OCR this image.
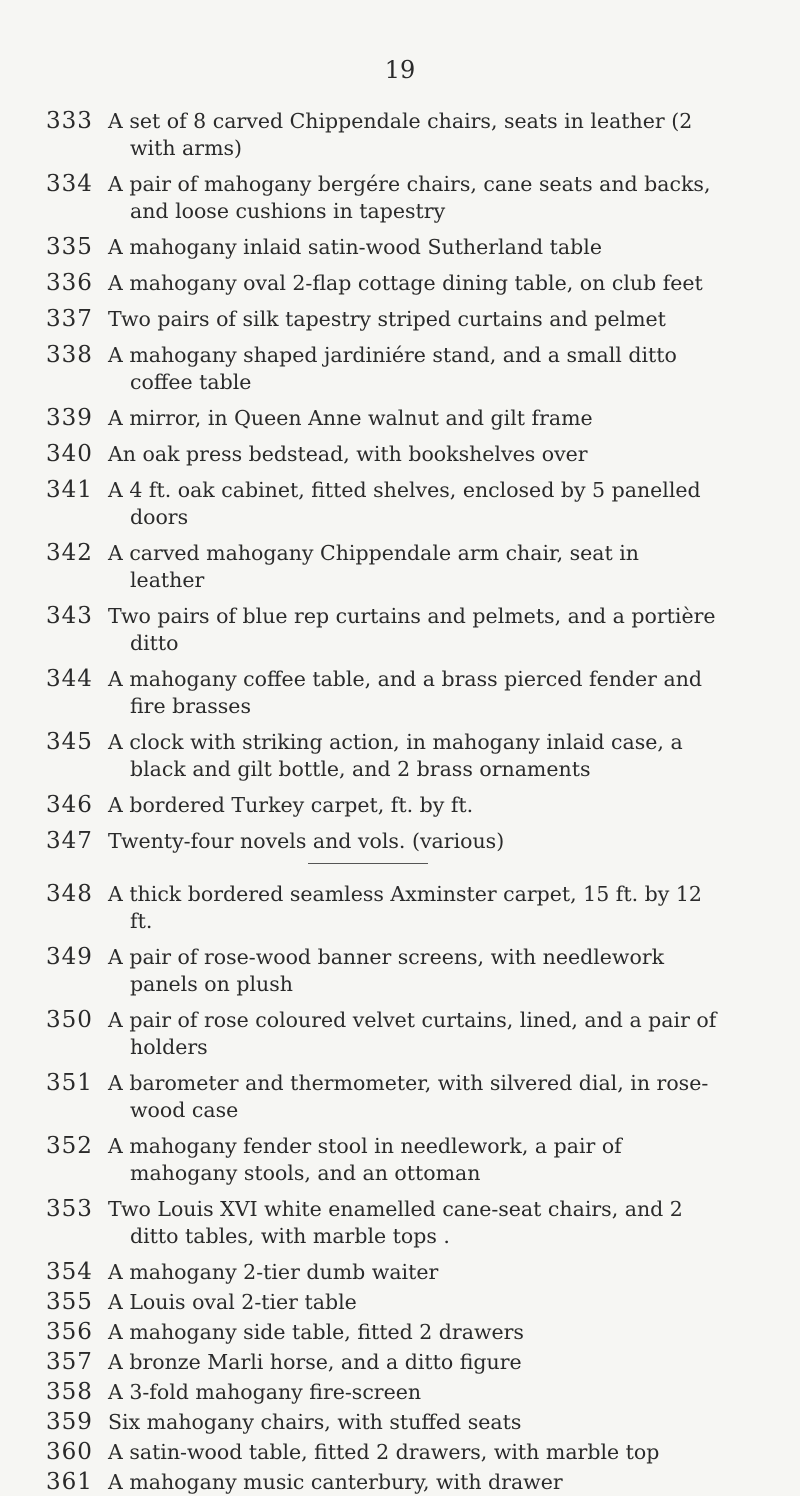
19
333 A set of 8 carved Chippendale chairs, seats in leather (2 with arms)
334 A pair of mahogany bergére chairs, cane seats and backs, and loose cushions in tapestry
335 A mahogany inlaid satin-wood Sutherland table
336 A mahogany oval 2-flap cottage dining table, on club feet
337 Two pairs of silk tapestry striped curtains and pelmet
338 A mahogany shaped jardiniére stand, and a small ditto coffee table
339 A mirror, in Queen Anne walnut and gilt frame
340 An oak press bedstead, with bookshelves over
341 A 4 ft. oak cabinet, fitted shelves, enclosed by 5 panelled doors
342 A carved mahogany Chippendale arm chair, seat in leather
343 Two pairs of blue rep curtains and pelmets, and a portière ditto
344 A mahogany coffee table, and a brass pierced fender and fire brasses
345 A clock with striking action, in mahogany inlaid case, a black and gilt bottle, and 2 brass ornaments
346 A bordered Turkey carpet, ft. by ft.
347 Twenty-four novels and vols. (various)
348 A thick bordered seamless Axminster carpet, 15 ft. by 12 ft.
349 A pair of rose-wood banner screens, with needlework panels on plush
350 A pair of rose coloured velvet curtains, lined, and a pair of holders
351 A barometer and thermometer, with silvered dial, in rose-wood case
352 A mahogany fender stool in needlework, a pair of mahogany stools, and an ottoman
353 Two Louis XVI white enamelled cane-seat chairs, and 2 ditto tables, with marble tops .
354 A mahogany 2-tier dumb waiter
355 A Louis oval 2-tier table
356 A mahogany side table, fitted 2 drawers
357 A bronze Marli horse, and a ditto figure
358 A 3-fold mahogany fire-screen
359 Six mahogany chairs, with stuffed seats
360 A satin-wood table, fitted 2 drawers, with marble top
361 A mahogany music canterbury, with drawer
